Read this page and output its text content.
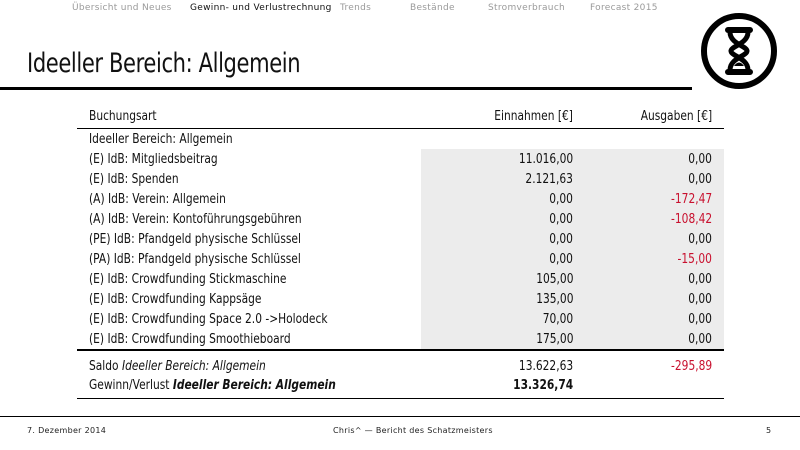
Übersicht und Neues Gewinn- und Verlustrechnung Trends	Bestände	Stromverbrauch	Forecast 2015
Ideeller Bereich: Allgemein
Buchungsart	Einnahmen [€]	Ausgaben [€]
Ideeller Bereich: Allgemein		
(E) IdB: Mitgliedsbeitrag	11.016,00	0,00
(E) IdB: Spenden	2.121,63	0,00
(A) IdB: Verein: Allgemein	0,00	-172,47
(A) IdB: Verein: Kontoführungsgebühren	0,00	-108,42
(PE) IdB: Pfandgeld physische Schlüssel	0,00	0,00
(PA) IdB: Pfandgeld physische Schlüssel	0,00	-15,00
(E) IdB: Crowdfunding Stickmaschine	105,00	0,00
(E) IdB: Crowdfunding Kappsäge	135,00	0,00
(E) IdB: Crowdfunding Space 2.0 ->Holodeck	70,00	0,00
(E) IdB: Crowdfunding Smoothieboard	175,00	0,00
Saldo Ideeller Bereich: Allgemein	13.622,63	-295,89
Gewinn/Verlust Ideeller Bereich: Allgemein	13.326,74	

7. Dezember 2014	Chris^ — Bericht des Schatzmeisters	5
